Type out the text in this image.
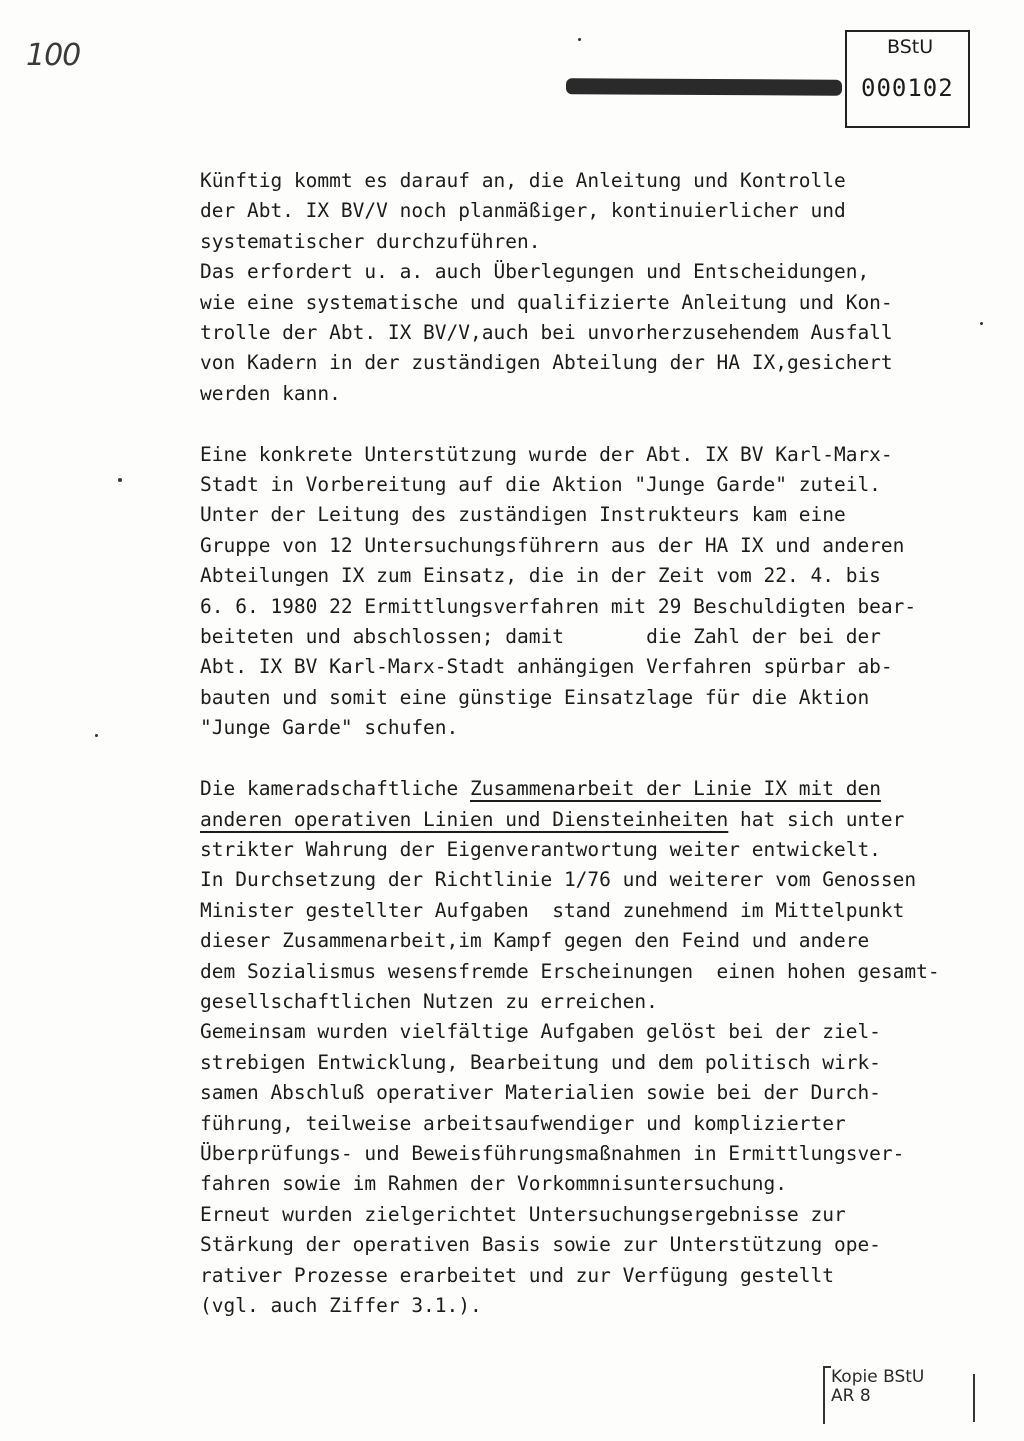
100	BStU
000102
Künftig kommt es darauf an, die Anleitung und Kontrolle
der Abt. IX BV/V noch planmäßiger, kontinuierlicher und
systematischer durchzuführen.
Das erfordert u. a. auch Überlegungen und Entscheidungen,
wie eine systematische und qualifizierte Anleitung und Kon-
trolle der Abt. IX BV/V,auch bei unvorherzusehendem Ausfall
von Kadern in der zuständigen Abteilung der HA IX,gesichert
werden kann.
Eine konkrete Unterstützung wurde der Abt. IX BV Karl-Marx-
Stadt in Vorbereitung auf die Aktion "Junge Garde" zuteil.
Unter der Leitung des zuständigen Instrukteurs kam eine
Gruppe von 12 Untersuchungsführern aus der HA IX und anderen
Abteilungen IX zum Einsatz, die in der Zeit vom 22. 4. bis
6. 6. 1980 22 Ermittlungsverfahren mit 29 Beschuldigten bear-
beiteten und abschlossen; damit       die Zahl der bei der
Abt. IX BV Karl-Marx-Stadt anhängigen Verfahren spürbar ab-
bauten und somit eine günstige Einsatzlage für die Aktion
"Junge Garde" schufen.
Die kameradschaftliche Zusammenarbeit der Linie IX mit den
anderen operativen Linien und Diensteinheiten hat sich unter
strikter Wahrung der Eigenverantwortung weiter entwickelt.
In Durchsetzung der Richtlinie 1/76 und weiterer vom Genossen
Minister gestellter Aufgaben  stand zunehmend im Mittelpunkt
dieser Zusammenarbeit,im Kampf gegen den Feind und andere
dem Sozialismus wesensfremde Erscheinungen  einen hohen gesamt-
gesellschaftlichen Nutzen zu erreichen.
Gemeinsam wurden vielfältige Aufgaben gelöst bei der ziel-
strebigen Entwicklung, Bearbeitung und dem politisch wirk-
samen Abschluß operativer Materialien sowie bei der Durch-
führung, teilweise arbeitsaufwendiger und komplizierter
Überprüfungs- und Beweisführungsmaßnahmen in Ermittlungsver-
fahren sowie im Rahmen der Vorkommnisuntersuchung.
Erneut wurden zielgerichtet Untersuchungsergebnisse zur
Stärkung der operativen Basis sowie zur Unterstützung ope-
rativer Prozesse erarbeitet und zur Verfügung gestellt
(vgl. auch Ziffer 3.1.).
Kopie BStU
AR 8
